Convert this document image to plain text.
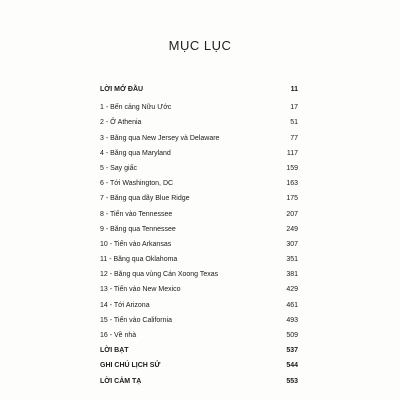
MỤC LỤC
LỜI MỞ ĐẦU	11
1 - Bến cảng Nữu Ước	17
2 - Ở Athenia	51
3 - Băng qua New Jersey và Delaware	77
4 - Băng qua Maryland	117
5 - Say giấc	159
6 - Tới Washington, DC	163
7 - Băng qua dãy Blue Ridge	175
8 - Tiến vào Tennessee	207
9 - Băng qua Tennessee	249
10 - Tiến vào Arkansas	307
11 - Băng qua Oklahoma	351
12 - Băng qua vùng Cán Xoong Texas	381
13 - Tiến vào New Mexico	429
14 - Tới Arizona	461
15 - Tiến vào California	493
16 - Về nhà	509
LỜI BẠT	537
GHI CHÚ LỊCH SỬ	544
LỜI CẢM TẠ	553
